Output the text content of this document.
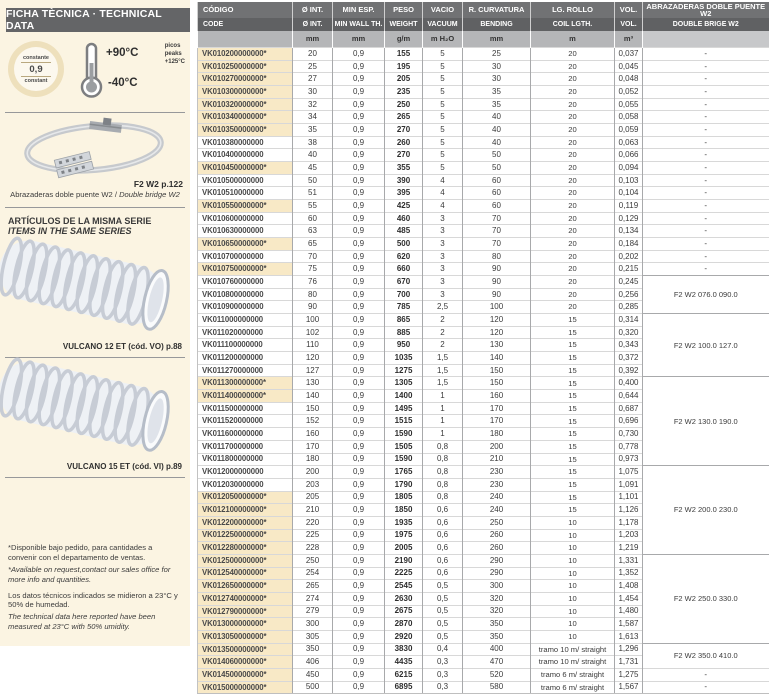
FICHA TÈCNICA · TECHNICAL DATA
constante
0,9
constant
+90°C
picos
peaks
+125°C
-40°C
F2 W2 p.122
Abrazaderas doble puente W2 / Double bridge W2
ARTÍCULOS DE LA MISMA SERIE
ITEMS IN THE SAME SERIES
VULCANO 12 ET (cód. VO) p.88
VULCANO 15 ET (cód. VI) p.89

*Disponible bajo pedido, para cantidades a convenir con el departamento de ventas.

*Available on request,contact our sales office for more info and quantities.

Los datos técnicos indicados se midieron a 23°C y 50% de humedad.

The technical data here reported have been measured at 23°C with 50% umidity.

CÓDIGO	Ø INT.	MIN ESP.	PESO	VACIO	R. CURVATURA	LG. ROLLO	VOL.	ABRAZADERAS DOBLE PUENTE W2
CODE	Ø INT.	MIN WALL TH.	WEIGHT	VACUUM	BENDING	COIL LGTH.	VOL.	DOUBLE BRIGE W2
	mm	mm	g/m	m H₂O	mm	m	m³	
VK010200000000*	20	0,9	155	5	25	20	0,037	-
VK010250000000*	25	0,9	195	5	30	20	0,045	-
VK010270000000*	27	0,9	205	5	30	20	0,048	-
VK010300000000*	30	0,9	235	5	35	20	0,052	-
VK010320000000*	32	0,9	250	5	35	20	0,055	-
VK010340000000*	34	0,9	265	5	40	20	0,058	-
VK010350000000*	35	0,9	270	5	40	20	0,059	-
VK010380000000	38	0,9	260	5	40	20	0,063	-
VK010400000000	40	0,9	270	5	50	20	0,066	-
VK010450000000*	45	0,9	355	5	50	20	0,094	-
VK010500000000	50	0,9	390	4	60	20	0,103	-
VK010510000000	51	0,9	395	4	60	20	0,104	-
VK010550000000*	55	0,9	425	4	60	20	0,119	-
VK010600000000	60	0,9	460	3	70	20	0,129	-
VK010630000000	63	0,9	485	3	70	20	0,134	-
VK010650000000*	65	0,9	500	3	70	20	0,184	-
VK010700000000	70	0,9	620	3	80	20	0,202	-
VK010750000000*	75	0,9	660	3	90	20	0,215	-
VK010760000000	76	0,9	670	3	90	20	0,245	F2 W2 076.0 090.0
VK010800000000	80	0,9	700	3	90	20	0,256	
VK010900000000	90	0,9	785	2,5	100	20	0,285	
VK011000000000	100	0,9	865	2	120	15	0,314	F2 W2 100.0 127.0
VK011020000000	102	0,9	885	2	120	15	0,320	
VK011100000000	110	0,9	950	2	130	15	0,343	
VK011200000000	120	0,9	1035	1,5	140	15	0,372	
VK011270000000	127	0,9	1275	1,5	150	15	0,392	
VK011300000000*	130	0,9	1305	1,5	150	15	0,400	F2 W2 130.0 190.0
VK011400000000*	140	0,9	1400	1	160	15	0,644	
VK011500000000	150	0,9	1495	1	170	15	0,687	
VK011520000000	152	0,9	1515	1	170	15	0,696	
VK011600000000	160	0,9	1590	1	180	15	0,730	
VK011700000000	170	0,9	1505	0,8	200	15	0,778	
VK011800000000	180	0,9	1590	0,8	210	15	0,973	
VK012000000000	200	0,9	1765	0,8	230	15	1,075	F2 W2 200.0 230.0
VK012030000000	203	0,9	1790	0,8	230	15	1,091	
VK012050000000*	205	0,9	1805	0,8	240	15	1,101	
VK012100000000*	210	0,9	1850	0,6	240	15	1,126	
VK012200000000*	220	0,9	1935	0,6	250	10	1,178	
VK012250000000*	225	0,9	1975	0,6	260	10	1,203	
VK012280000000*	228	0,9	2005	0,6	260	10	1,219	
VK012500000000*	250	0,9	2190	0,6	290	10	1,331	F2 W2 250.0 330.0
VK012540000000*	254	0,9	2225	0,6	290	10	1,352	
VK012650000000*	265	0,9	2545	0,5	300	10	1,408	
VK012740000000*	274	0,9	2630	0,5	320	10	1,454	
VK012790000000*	279	0,9	2675	0,5	320	10	1,480	
VK013000000000*	300	0,9	2870	0,5	350	10	1,587	
VK013050000000*	305	0,9	2920	0,5	350	10	1,613	
VK013500000000*	350	0,9	3830	0,4	400	tramo 10 m/ straight	1,296	F2 W2 350.0 410.0
VK014060000000*	406	0,9	4435	0,3	470	tramo 10 m/ straight	1,731	
VK014500000000*	450	0,9	6215	0,3	520	tramo 6 m/ straight	1,275	-
VK015000000000*	500	0,9	6895	0,3	580	tramo 6 m/ straight	1,567	-
